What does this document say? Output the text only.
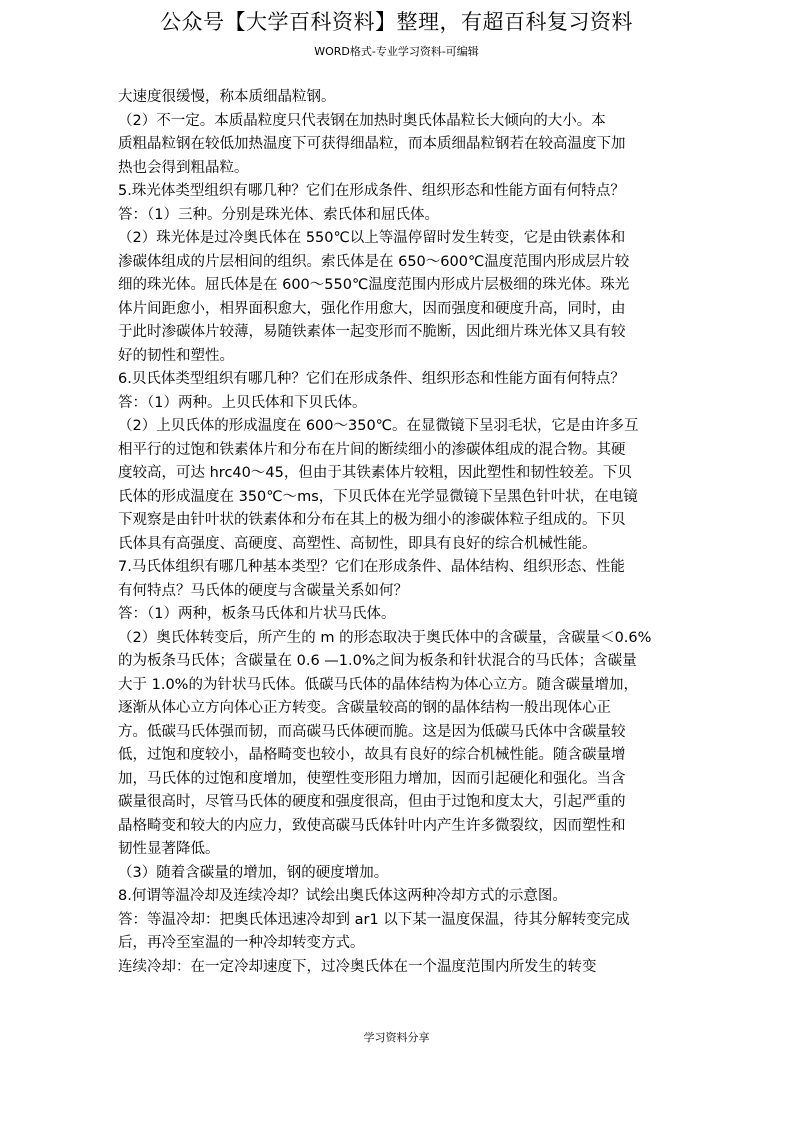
公众号【大学百科资料】整理，有超百科复习资料
WORD格式-专业学习资料-可编辑
大速度很缓慢，称本质细晶粒钢。
（2）不一定。本质晶粒度只代表钢在加热时奥氏体晶粒长大倾向的大小。本
质粗晶粒钢在较低加热温度下可获得细晶粒，而本质细晶粒钢若在较高温度下加
热也会得到粗晶粒。
5.珠光体类型组织有哪几种？它们在形成条件、组织形态和性能方面有何特点？
答：（1）三种。分别是珠光体、索氏体和屈氏体。
（2）珠光体是过冷奥氏体在 550℃以上等温停留时发生转变，它是由铁素体和
渗碳体组成的片层相间的组织。索氏体是在 650～600℃温度范围内形成层片较
细的珠光体。屈氏体是在 600～550℃温度范围内形成片层极细的珠光体。珠光
体片间距愈小，相界面积愈大，强化作用愈大，因而强度和硬度升高，同时，由
于此时渗碳体片较薄，易随铁素体一起变形而不脆断，因此细片珠光体又具有较
好的韧性和塑性。
6.贝氏体类型组织有哪几种？它们在形成条件、组织形态和性能方面有何特点？
答：（1）两种。上贝氏体和下贝氏体。
（2）上贝氏体的形成温度在 600～350℃。在显微镜下呈羽毛状，它是由许多互
相平行的过饱和铁素体片和分布在片间的断续细小的渗碳体组成的混合物。其硬
度较高，可达 hrc40～45，但由于其铁素体片较粗，因此塑性和韧性较差。下贝
氏体的形成温度在 350℃～ms，下贝氏体在光学显微镜下呈黑色针叶状，在电镜
下观察是由针叶状的铁素体和分布在其上的极为细小的渗碳体粒子组成的。下贝
氏体具有高强度、高硬度、高塑性、高韧性，即具有良好的综合机械性能。
7.马氏体组织有哪几种基本类型？它们在形成条件、晶体结构、组织形态、性能
有何特点？马氏体的硬度与含碳量关系如何？
答：（1）两种，板条马氏体和片状马氏体。
（2）奥氏体转变后，所产生的 m 的形态取决于奥氏体中的含碳量，含碳量＜0.6%
的为板条马氏体；含碳量在 0.6 —1.0%之间为板条和针状混合的马氏体；含碳量
大于 1.0%的为针状马氏体。低碳马氏体的晶体结构为体心立方。随含碳量增加，
逐渐从体心立方向体心正方转变。含碳量较高的钢的晶体结构一般出现体心正
方。低碳马氏体强而韧，而高碳马氏体硬而脆。这是因为低碳马氏体中含碳量较
低，过饱和度较小，晶格畸变也较小，故具有良好的综合机械性能。随含碳量增
加，马氏体的过饱和度增加，使塑性变形阻力增加，因而引起硬化和强化。当含
碳量很高时，尽管马氏体的硬度和强度很高，但由于过饱和度太大，引起严重的
晶格畸变和较大的内应力，致使高碳马氏体针叶内产生许多微裂纹，因而塑性和
韧性显著降低。
（3）随着含碳量的增加，钢的硬度增加。
8.何谓等温冷却及连续冷却？试绘出奥氏体这两种冷却方式的示意图。
答：等温冷却：把奥氏体迅速冷却到 ar1 以下某一温度保温，待其分解转变完成
后，再冷至室温的一种冷却转变方式。
连续冷却：在一定冷却速度下，过冷奥氏体在一个温度范围内所发生的转变
学习资料分享
